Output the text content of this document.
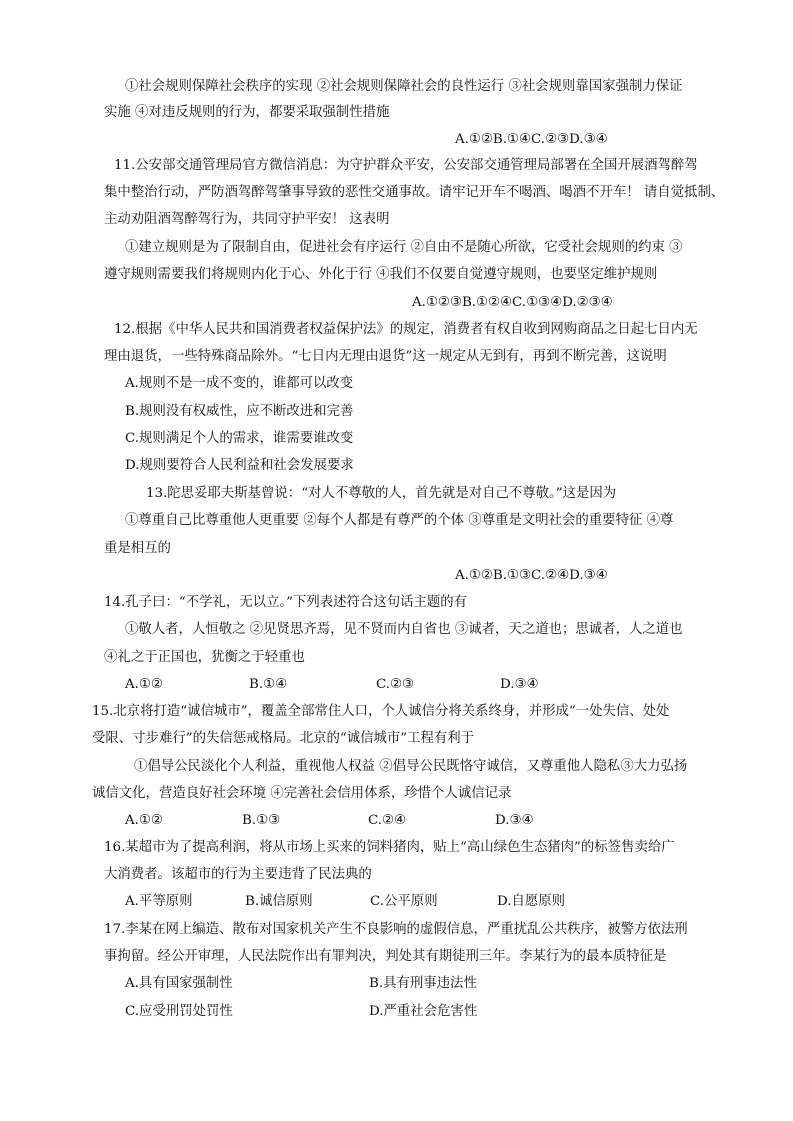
①社会规则保障社会秩序的实现 ②社会规则保障社会的良性运行 ③社会规则靠国家强制力保证
实施 ④对违反规则的行为，都要采取强制性措施
A.①②B.①④C.②③D.③④
11.公安部交通管理局官方微信消息：为守护群众平安，公安部交通管理局部署在全国开展酒驾醉驾
集中整治行动，严防酒驾醉驾肇事导致的恶性交通事故。请牢记开车不喝酒、喝酒不开车！ 请自觉抵制、
主动劝阻酒驾醉驾行为，共同守护平安！ 这表明
①建立规则是为了限制自由，促进社会有序运行 ②自由不是随心所欲，它受社会规则的约束 ③
遵守规则需要我们将规则内化于心、外化于行 ④我们不仅要自觉遵守规则，也要坚定维护规则
A.①②③B.①②④C.①③④D.②③④
12.根据《中华人民共和国消费者权益保护法》的规定，消费者有权自收到网购商品之日起七日内无
理由退货，一些特殊商品除外。“七日内无理由退货”这一规定从无到有，再到不断完善，这说明
A.规则不是一成不变的，谁都可以改变
B.规则没有权威性，应不断改进和完善
C.规则满足个人的需求，谁需要谁改变
D.规则要符合人民利益和社会发展要求
13.陀思妥耶夫斯基曾说：“对人不尊敬的人，首先就是对自己不尊敬。”这是因为
①尊重自己比尊重他人更重要 ②每个人都是有尊严的个体 ③尊重是文明社会的重要特征 ④尊
重是相互的
A.①②B.①③C.②④D.③④
14.孔子曰：“不学礼，无以立。”下列表述符合这句话主题的有
①敬人者，人恒敬之 ②见贤思齐焉，见不贤而内自省也 ③诚者，天之道也；思诚者，人之道也
④礼之于正国也，犹衡之于轻重也
A.①②	B.①④	C.②③	D.③④
15.北京将打造“诚信城市”，覆盖全部常住人口，个人诚信分将关系终身，并形成“一处失信、处处
受限、寸步难行”的失信惩戒格局。北京的“诚信城市”工程有利于
①倡导公民淡化个人利益，重视他人权益 ②倡导公民既恪守诚信，又尊重他人隐私③大力弘扬
诚信文化，营造良好社会环境 ④完善社会信用体系，珍惜个人诚信记录
A.①②	B.①③	C.②④	D.③④
16.某超市为了提高利润，将从市场上买来的饲料猪肉，贴上“高山绿色生态猪肉”的标签售卖给广
大消费者。该超市的行为主要违背了民法典的
A.平等原则	B.诚信原则	C.公平原则	D.自愿原则
17.李某在网上编造、散布对国家机关产生不良影响的虚假信息，严重扰乱公共秩序，被警方依法刑
事拘留。经公开审理，人民法院作出有罪判决，判处其有期徒刑三年。李某行为的最本质特征是
A.具有国家强制性	B.具有刑事违法性
C.应受刑罚处罚性	D.严重社会危害性
